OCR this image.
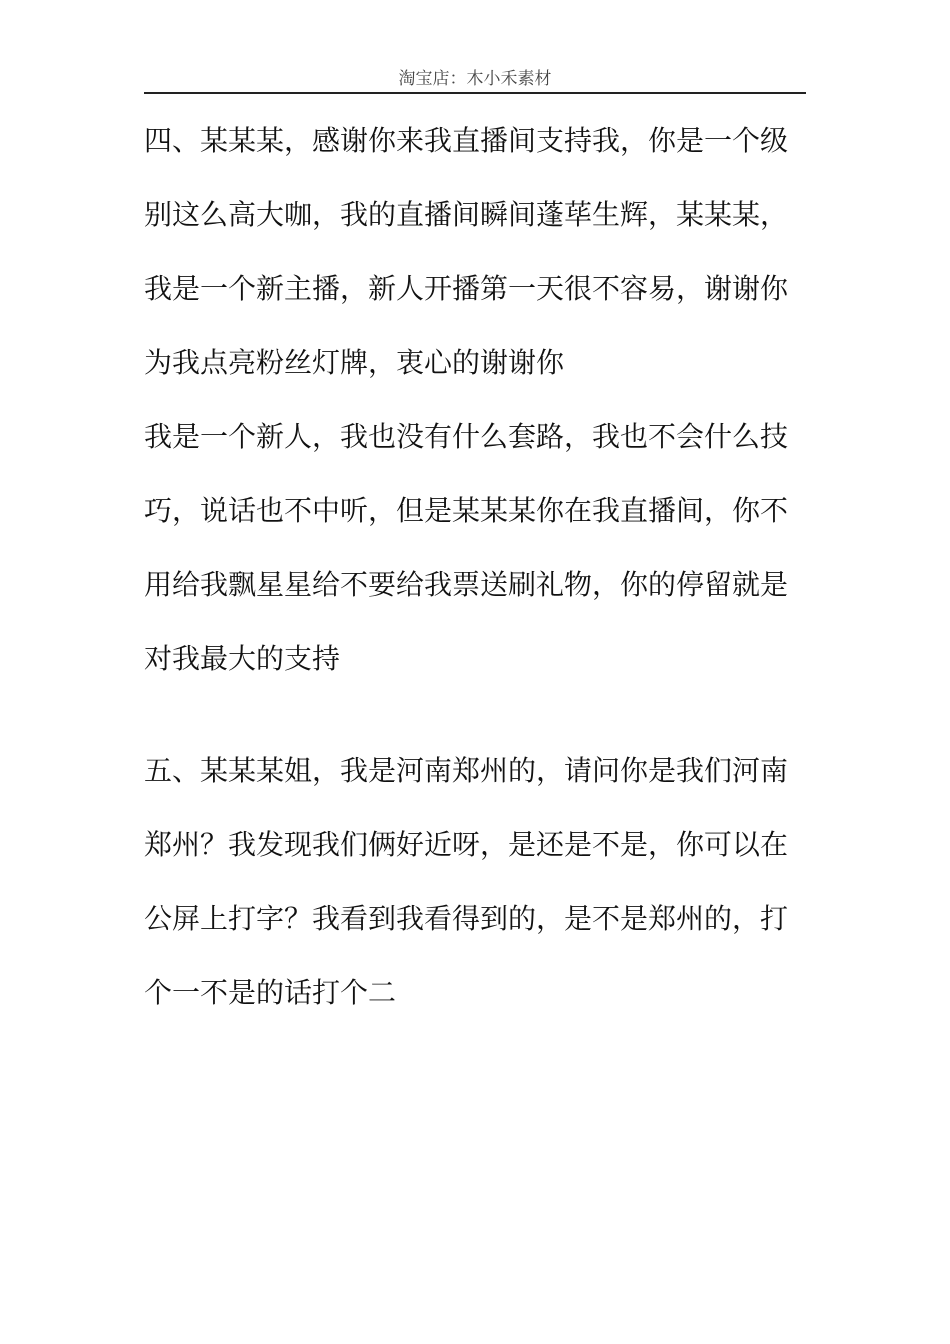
淘宝店：木小禾素材
四、某某某，感谢你来我直播间支持我，你是一个级
别这么高大咖，我的直播间瞬间蓬荜生辉，某某某，
我是一个新主播，新人开播第一天很不容易，谢谢你
为我点亮粉丝灯牌，衷心的谢谢你
我是一个新人，我也没有什么套路，我也不会什么技
巧，说话也不中听，但是某某某你在我直播间，你不
用给我飘星星给不要给我票送刷礼物，你的停留就是
对我最大的支持
五、某某某姐，我是河南郑州的，请问你是我们河南
郑州？我发现我们俩好近呀，是还是不是，你可以在
公屏上打字？我看到我看得到的，是不是郑州的，打
个一不是的话打个二
